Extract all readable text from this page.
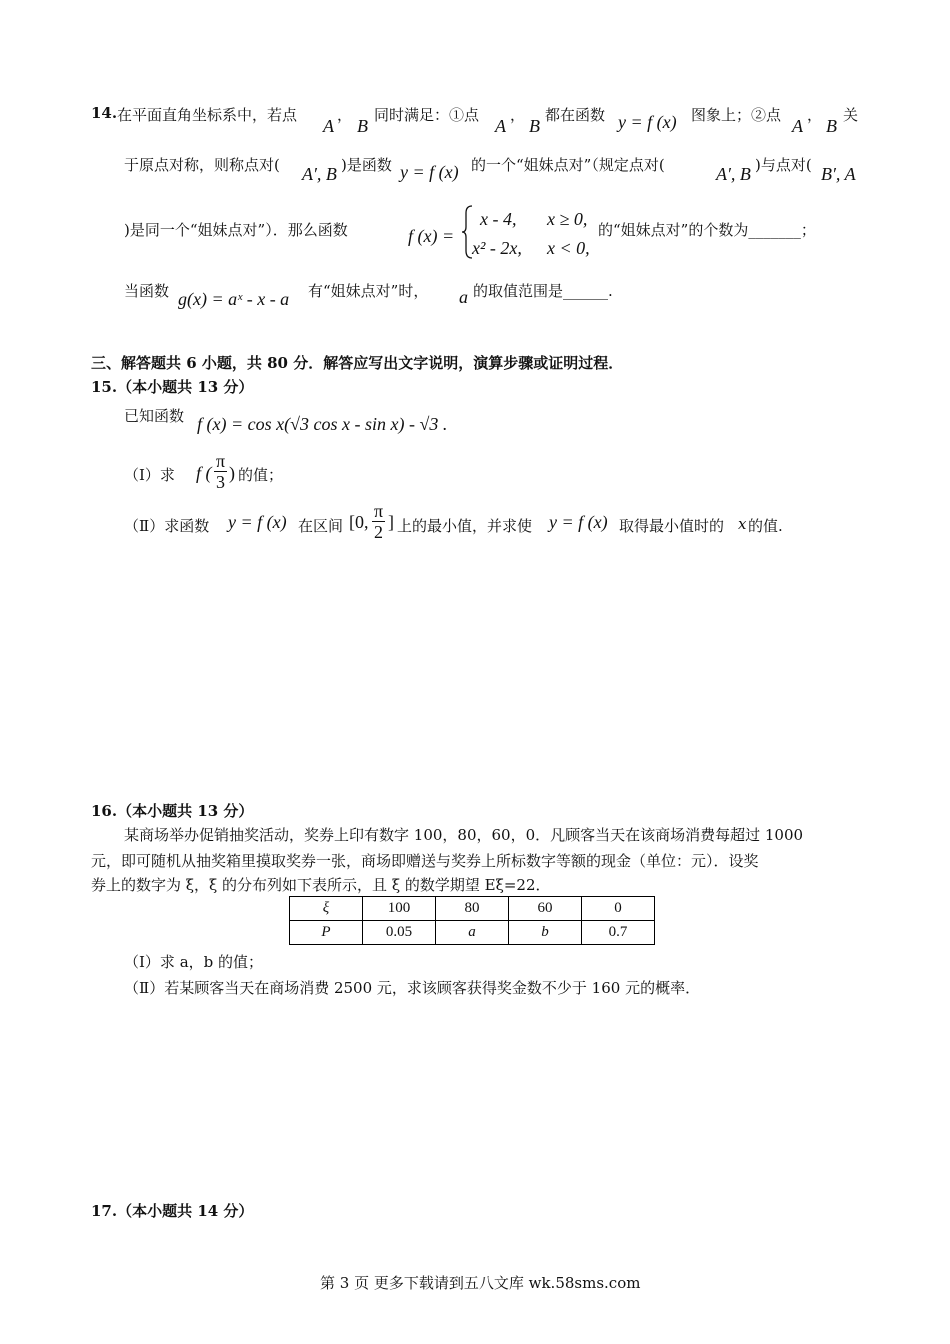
14. 在平面直角坐标系中，若点
A
，
B
同时满足：①点
A
，
B
都在函数 y = f (x) 图象上；②点
A
，
B
关
于原点对称，则称点对( A′, B )是函数 y = f (x) 的一个“姐妹点对”（规定点对(	A′, B )与点对( B′, A
)是同一个“姐妹点对”）．那么函数	f (x) =
x - 4, x ≥ 0,
x² - 2x, x < 0,
的“姐妹点对”的个数为_______；
当函数 g(x) = aˣ - x - a 有“姐妹点对”时， a 的取值范围是______.
三、解答题共 6 小题，共 80 分．解答应写出文字说明，演算步骤或证明过程．
15.（本小题共 13 分）
已知函数 f (x) = cos x(√3 cos x - sin x) - √3 .
（Ⅰ）求 f ( $\frac{\pi}{3}$ ) 的值；
（Ⅱ）求函数 y = f (x) 在区间 [0, $\frac{\pi}{2}$ ] 上的最小值，并求使 y = f (x) 取得最小值时的 x 的值.
16.（本小题共 13 分）
某商场举办促销抽奖活动，奖券上印有数字 100，80，60，0．凡顾客当天在该商场消费每超过 1000
元，即可随机从抽奖箱里摸取奖券一张，商场即赠送与奖券上所标数字等额的现金（单位：元）．设奖
券上的数字为 ξ，ξ 的分布列如下表所示，且 ξ 的数学期望 Eξ=22．
ξ	100	80	60	0
P	0.05	a	b	0.7
（Ⅰ）求 a，b 的值；
（Ⅱ）若某顾客当天在商场消费 2500 元，求该顾客获得奖金数不少于 160 元的概率．
17.（本小题共 14 分）
第 3 页 更多下载请到五八文库 wk.58sms.com
